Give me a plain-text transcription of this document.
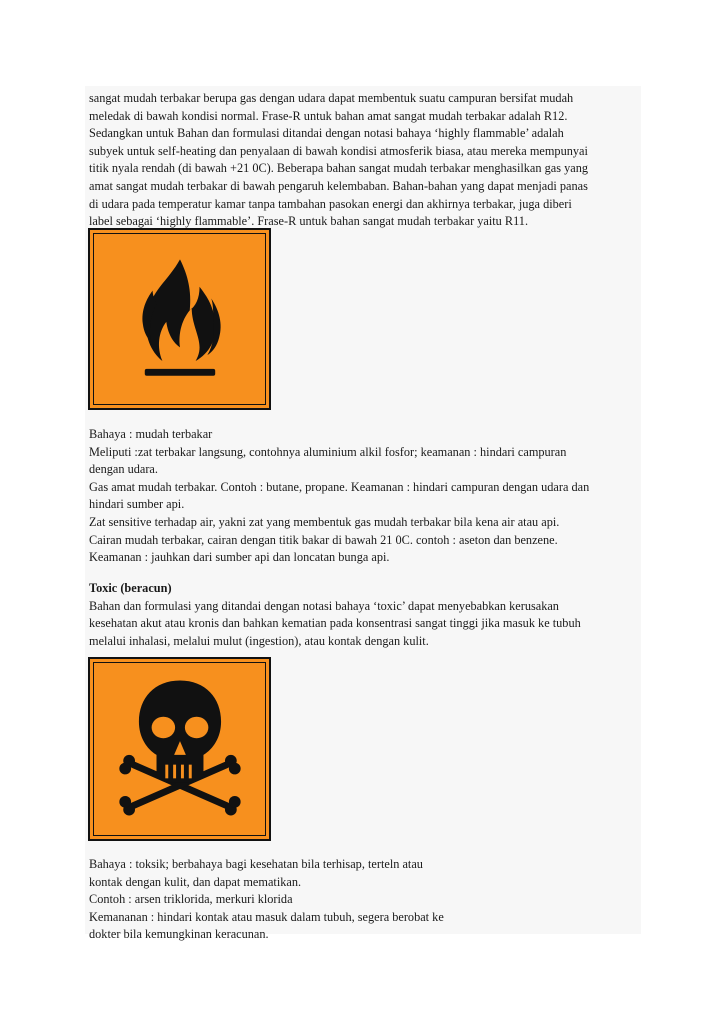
sangat mudah terbakar berupa gas dengan udara dapat membentuk suatu campuran bersifat mudah
meledak di bawah kondisi normal. Frase-R untuk bahan amat sangat mudah terbakar adalah R12.
Sedangkan untuk Bahan dan formulasi ditandai dengan notasi bahaya ‘highly flammable’ adalah
subyek untuk self-heating dan penyalaan di bawah kondisi atmosferik biasa, atau mereka mempunyai
titik nyala rendah (di bawah +21 0C). Beberapa bahan sangat mudah terbakar menghasilkan gas yang
amat sangat mudah terbakar di bawah pengaruh kelembaban. Bahan-bahan yang dapat menjadi panas
di udara pada temperatur kamar tanpa tambahan pasokan energi dan akhirnya terbakar, juga diberi
label sebagai ‘highly flammable’. Frase-R untuk bahan sangat mudah terbakar yaitu R11.
Bahaya : mudah terbakar
Meliputi :zat terbakar langsung, contohnya aluminium alkil fosfor; keamanan : hindari campuran
dengan udara.
Gas amat mudah terbakar. Contoh : butane, propane. Keamanan : hindari campuran dengan udara dan
hindari sumber api.
Zat sensitive terhadap air, yakni zat yang membentuk gas mudah terbakar bila kena air atau api.
Cairan mudah terbakar, cairan dengan titik bakar di bawah 21 0C. contoh : aseton dan benzene.
Keamanan : jauhkan dari sumber api dan loncatan bunga api.
Toxic (beracun)
Bahan dan formulasi yang ditandai dengan notasi bahaya ‘toxic’ dapat menyebabkan kerusakan
kesehatan akut atau kronis dan bahkan kematian pada konsentrasi sangat tinggi jika masuk ke tubuh
melalui inhalasi, melalui mulut (ingestion), atau kontak dengan kulit.
Bahaya : toksik; berbahaya bagi kesehatan bila terhisap, terteln atau
kontak dengan kulit, dan dapat mematikan.
Contoh : arsen triklorida, merkuri klorida
Kemananan : hindari kontak atau masuk dalam tubuh, segera berobat ke
dokter bila kemungkinan keracunan.
